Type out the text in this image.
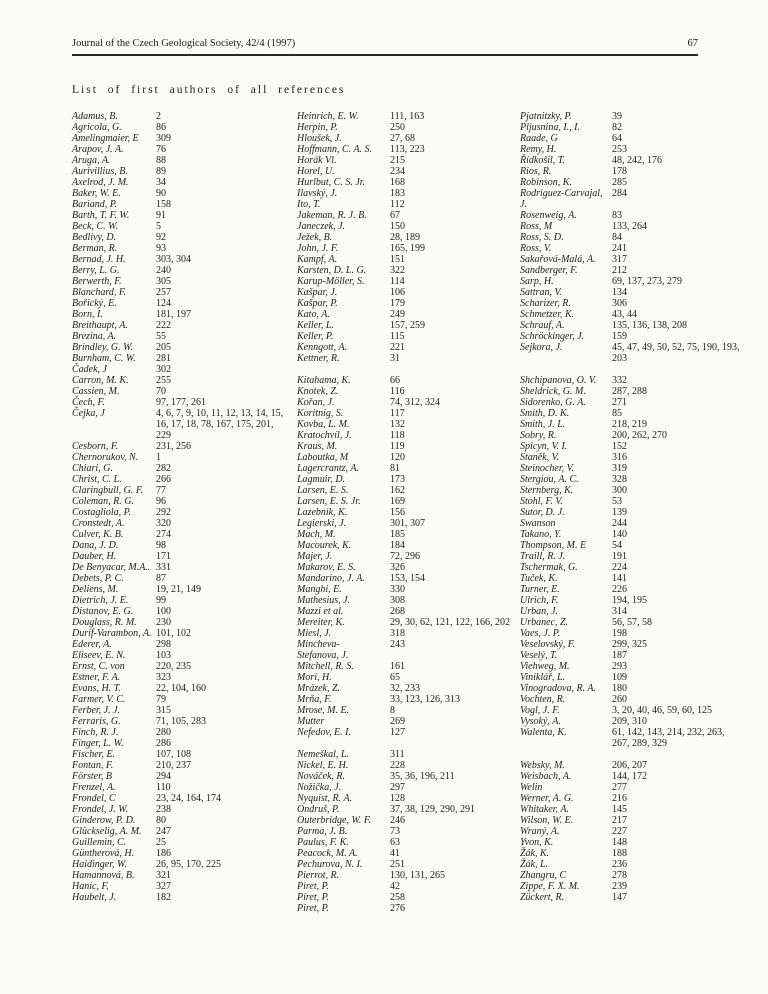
Journal of the Czech Geological Society, 42/4 (1997)	67
List of first authors of all references
Adamus, B.	2
Agricola, G.	86
Amelingmaier, E	309
Arapov, J. A.	76
Aruga, A.	88
Aurivillius, B.	89
Axelrod, J. M.	34
Baker, W. E.	90
Bariand, P.	158
Barth, T. F. W.	91
Beck, C. W.	5
Bedlivy, D.	92
Berman, R.	93
Bernad, J. H.	303, 304
Berry, L. G.	240
Berwerth, F.	305
Blanchard, F.	257
Bořický, E.	124
Born, I.	181, 197
Breithaupt, A.	222
Brezina, A.	55
Brindley, G. W.	205
Burnham, C. W.	281
Čadek, J	302
Carron, M. K.	255
Cassien, M.	70
Čech, F.	97, 177, 261
Čejka, J	4, 6, 7, 9, 10, 11, 12, 13, 14, 15, 16, 17, 18, 78, 167, 175, 201, 229
Cesborn, F.	231, 256
Chernorukov, N.	1
Chiari, G.	282
Christ, C. L.	266
Claringbull, G. F.	77
Coleman, R. G.	96
Costagliola, P.	292
Cronstedt, A.	320
Culver, K. B.	274
Dana, J. D.	98
Dauber, H.	171
De Benyacar, M.A.. 331
Debets, P. C.	87
Deliens, M.	19, 21, 149
Dietrich, J. E.	99
Distanov, E. G.	100
Douglass, R. M.	230
Durif-Varambon, A. 101, 102
Ederer, A.	298
Eliseev, E. N.	103
Ernst, C. von	220, 235
Estner, F. A.	323
Evans, H. T.	22, 104, 160
Farmer, V. C.	79
Ferber, J. J.	315
Ferraris, G.	71, 105, 283
Finch, R. J.	280
Finger, L. W.	286
Fischer, E.	107, 108
Fontan, F.	210, 237
Förster, B	294
Frenzel, A.	110
Frondel, C	23, 24, 164, 174
Frondel, J. W.	238
Ginderow, P. D.	80
Glückselig, A. M.	247
Guillemin, C.	25
Güntherová, H.	186
Haidinger, W.	26, 95, 170, 225
Hamannová, B.	321
Hanic, F.	327
Haubelt, J.	182
Heinrich, E. W.	111, 163
Herpin, P.	250
Hloušek, J.	27, 68
Hoffmann, C. A. S.	113, 223
Horák Vl.	215
Horel, U.	234
Hurlbut, C. S. Jr.	168
Ilavský, J.	183
Ito, T.	112
Jakeman, R. J. B.	67
Janeczek, J.	150
Ježek, B.	28, 189
John, J. F.	165, 199
Kampf, A.	151
Karsten, D. L. G.	322
Karup-Möller, S.	114
Kašpar, J.	106
Kašpar, P.	179
Kato, A.	249
Keller, L.	157, 259
Keller, P.	115
Kenngott, A.	221
Kettner, R.	31
Kitahama, K.	66
Knotek, Z.	116
Kořan, J.	74, 312, 324
Koritnig, S.	117
Kovba, L. M.	132
Kratochvíl, J.	118
Kraus, M.	119
Laboutka, M	120
Lagercrantz, A.	81
Lagmuir, D.	173
Larsen, E. S.	162
Larsen, E. S. Jr.	169
Lazebnik, K.	156
Legierski, J.	301, 307
Mach, M.	185
Macourek, K.	184
Majer, J.	72, 296
Makarov, E. S.	326
Mandarino, J. A.	153, 154
Manghi, E.	330
Mathesius, J.	308
Mazzi et al.	268
Mereiter, K.	29, 30, 62, 121, 122, 166, 202
Miesl, J.	318
Mincheva-	243
Stefanova, J.
Mitchell, R. S.	161
Mori, H.	65
Mrázek, Z.	32, 233
Mrňa, F.	33, 123, 126, 313
Mrose, M. E.	8
Mutter	269
Nefedov, E. I.	127
Nemeškal, L.	311
Nickel, E. H.	228
Nováček, R.	35, 36, 196, 211
Nožička, J.	297
Nyquist, R. A.	128
Ondruš, P.	37, 38, 129, 290, 291
Outerbridge, W. F.	246
Parma, J. B.	73
Paulus, F. K.	63
Peacock, M. A.	41
Pechurova, N. I.	251
Pierrot, R.	130, 131, 265
Piret, P.	42
Piret, P.	258
Piret, P.	276
Pjatnitzky, P.	39
Pljusnina, I., I.	82
Raade, G	64
Remy, H.	253
Řídkošil, T.	48, 242, 176
Rios, R.	178
Robinson, K.	285
Rodriguez-Carvajal, 284
J.
Rosenweig, A.	83
Ross, M	133, 264
Ross, S. D.	84
Ross, V.	241
Sakařová-Malá, A.	317
Sandberger, F.	212
Sarp, H.	69, 137, 273, 279
Sattran, V.	134
Scharizer, R.	306
Schmetzer, K.	43, 44
Schrauf, A.	135, 136, 138, 208
Schröckinger, J.	159
Sejkora, J.	45, 47, 49, 50, 52, 75, 190, 193, 203
Shchipanova, O. V.	332
Sheldrick, G. M.	287, 288
Sidorenko, G. A.	271
Smith, D. K.	85
Smith, J. L.	218, 219
Sobry, R.	200, 262, 270
Spicyn, V. I.	152
Staněk, V.	316
Steinocher, V.	319
Stergiou, A. C.	328
Sternberg, K.	300
Stohl, F. V.	53
Sutor, D. J.	139
Swanson	244
Takano, Y.	140
Thompson, M. E	54
Traill, R. J.	191
Tschermak, G.	224
Tuček, K.	141
Turner, E.	226
Ulrich, F.	194, 195
Urban, J.	314
Urbanec, Z.	56, 57, 58
Vaes, J. P.	198
Veselovský, F.	299, 325
Veselý, T.	187
Viehweg, M.	293
Viniklář, L.	109
Vinogradova, R. A.	180
Vochten, R.	260
Vogl, J. F.	3, 20, 40, 46, 59, 60, 125
Vysoký, A.	209, 310
Walenta, K.	61, 142, 143, 214, 232, 263, 267, 289, 329
Websky, M.	206, 207
Weisbach, A.	144, 172
Welin	277
Werner, A. G.	216
Whitaker, A.	145
Wilson, W. E.	217
Wraný, A.	227
Yvon, K.	148
Žák, K.	188
Žák, L.	236
Zhangru, C	278
Zippe, F. X. M.	239
Zückert, R.	147
